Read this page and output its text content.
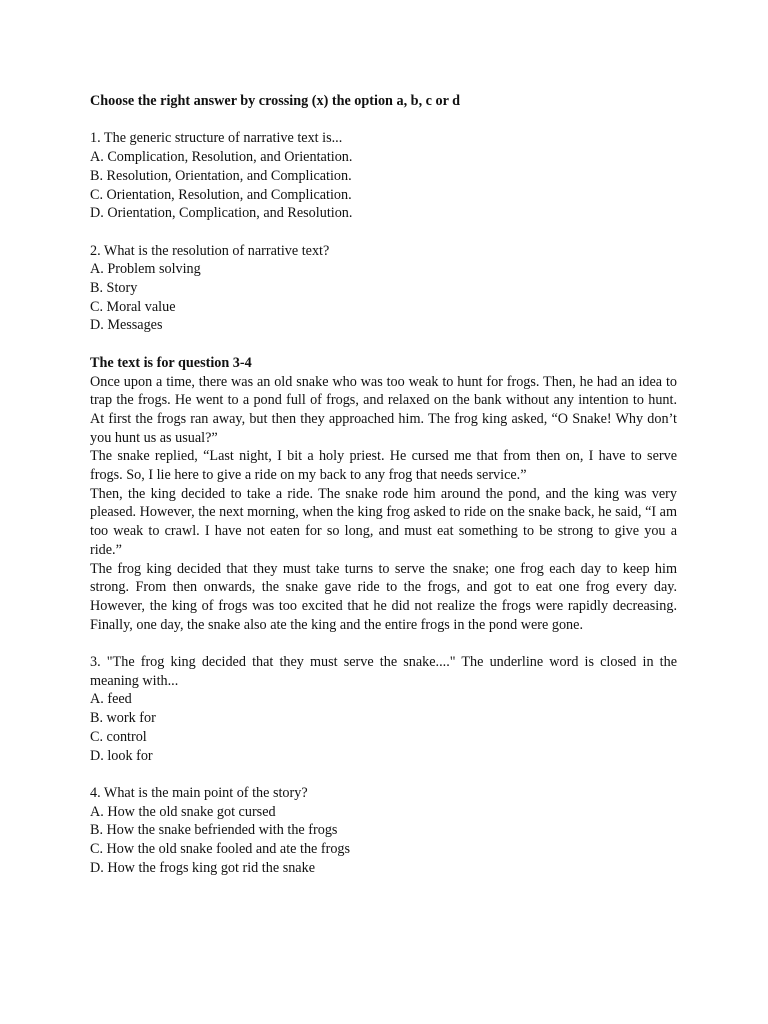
Choose the right answer by crossing (x) the option a, b, c or d

1. The generic structure of narrative text is...

A. Complication, Resolution, and Orientation.

B. Resolution, Orientation, and Complication.

C. Orientation, Resolution, and Complication.

D. Orientation, Complication, and Resolution.

2. What is the resolution of narrative text?

A. Problem solving

B. Story

C. Moral value

D. Messages

The text is for question 3-4

Once upon a time, there was an old snake who was too weak to hunt for frogs. Then, he had an idea to trap the frogs. He went to a pond full of frogs, and relaxed on the bank without any intention to hunt. At first the frogs ran away, but then they approached him. The frog king asked, “O Snake! Why don’t you hunt us as usual?”

The snake replied, “Last night, I bit a holy priest. He cursed me that from then on, I have to serve frogs. So, I lie here to give a ride on my back to any frog that needs service.”

Then, the king decided to take a ride. The snake rode him around the pond, and the king was very pleased. However, the next morning, when the king frog asked to ride on the snake back, he said, “I am too weak to crawl. I have not eaten for so long, and must eat something to be strong to give you a ride.”

The frog king decided that they must take turns to serve the snake; one frog each day to keep him strong. From then onwards, the snake gave ride to the frogs, and got to eat one frog every day. However, the king of frogs was too excited that he did not realize the frogs were rapidly decreasing. Finally, one day, the snake also ate the king and the entire frogs in the pond were gone.

3. "The frog king decided that they must serve the snake...." The underline word is closed in the meaning with...

A. feed

B. work for

C. control

D. look for

4. What is the main point of the story?

A. How the old snake got cursed

B. How the snake befriended with the frogs

C. How the old snake fooled and ate the frogs

D. How the frogs king got rid the snake
